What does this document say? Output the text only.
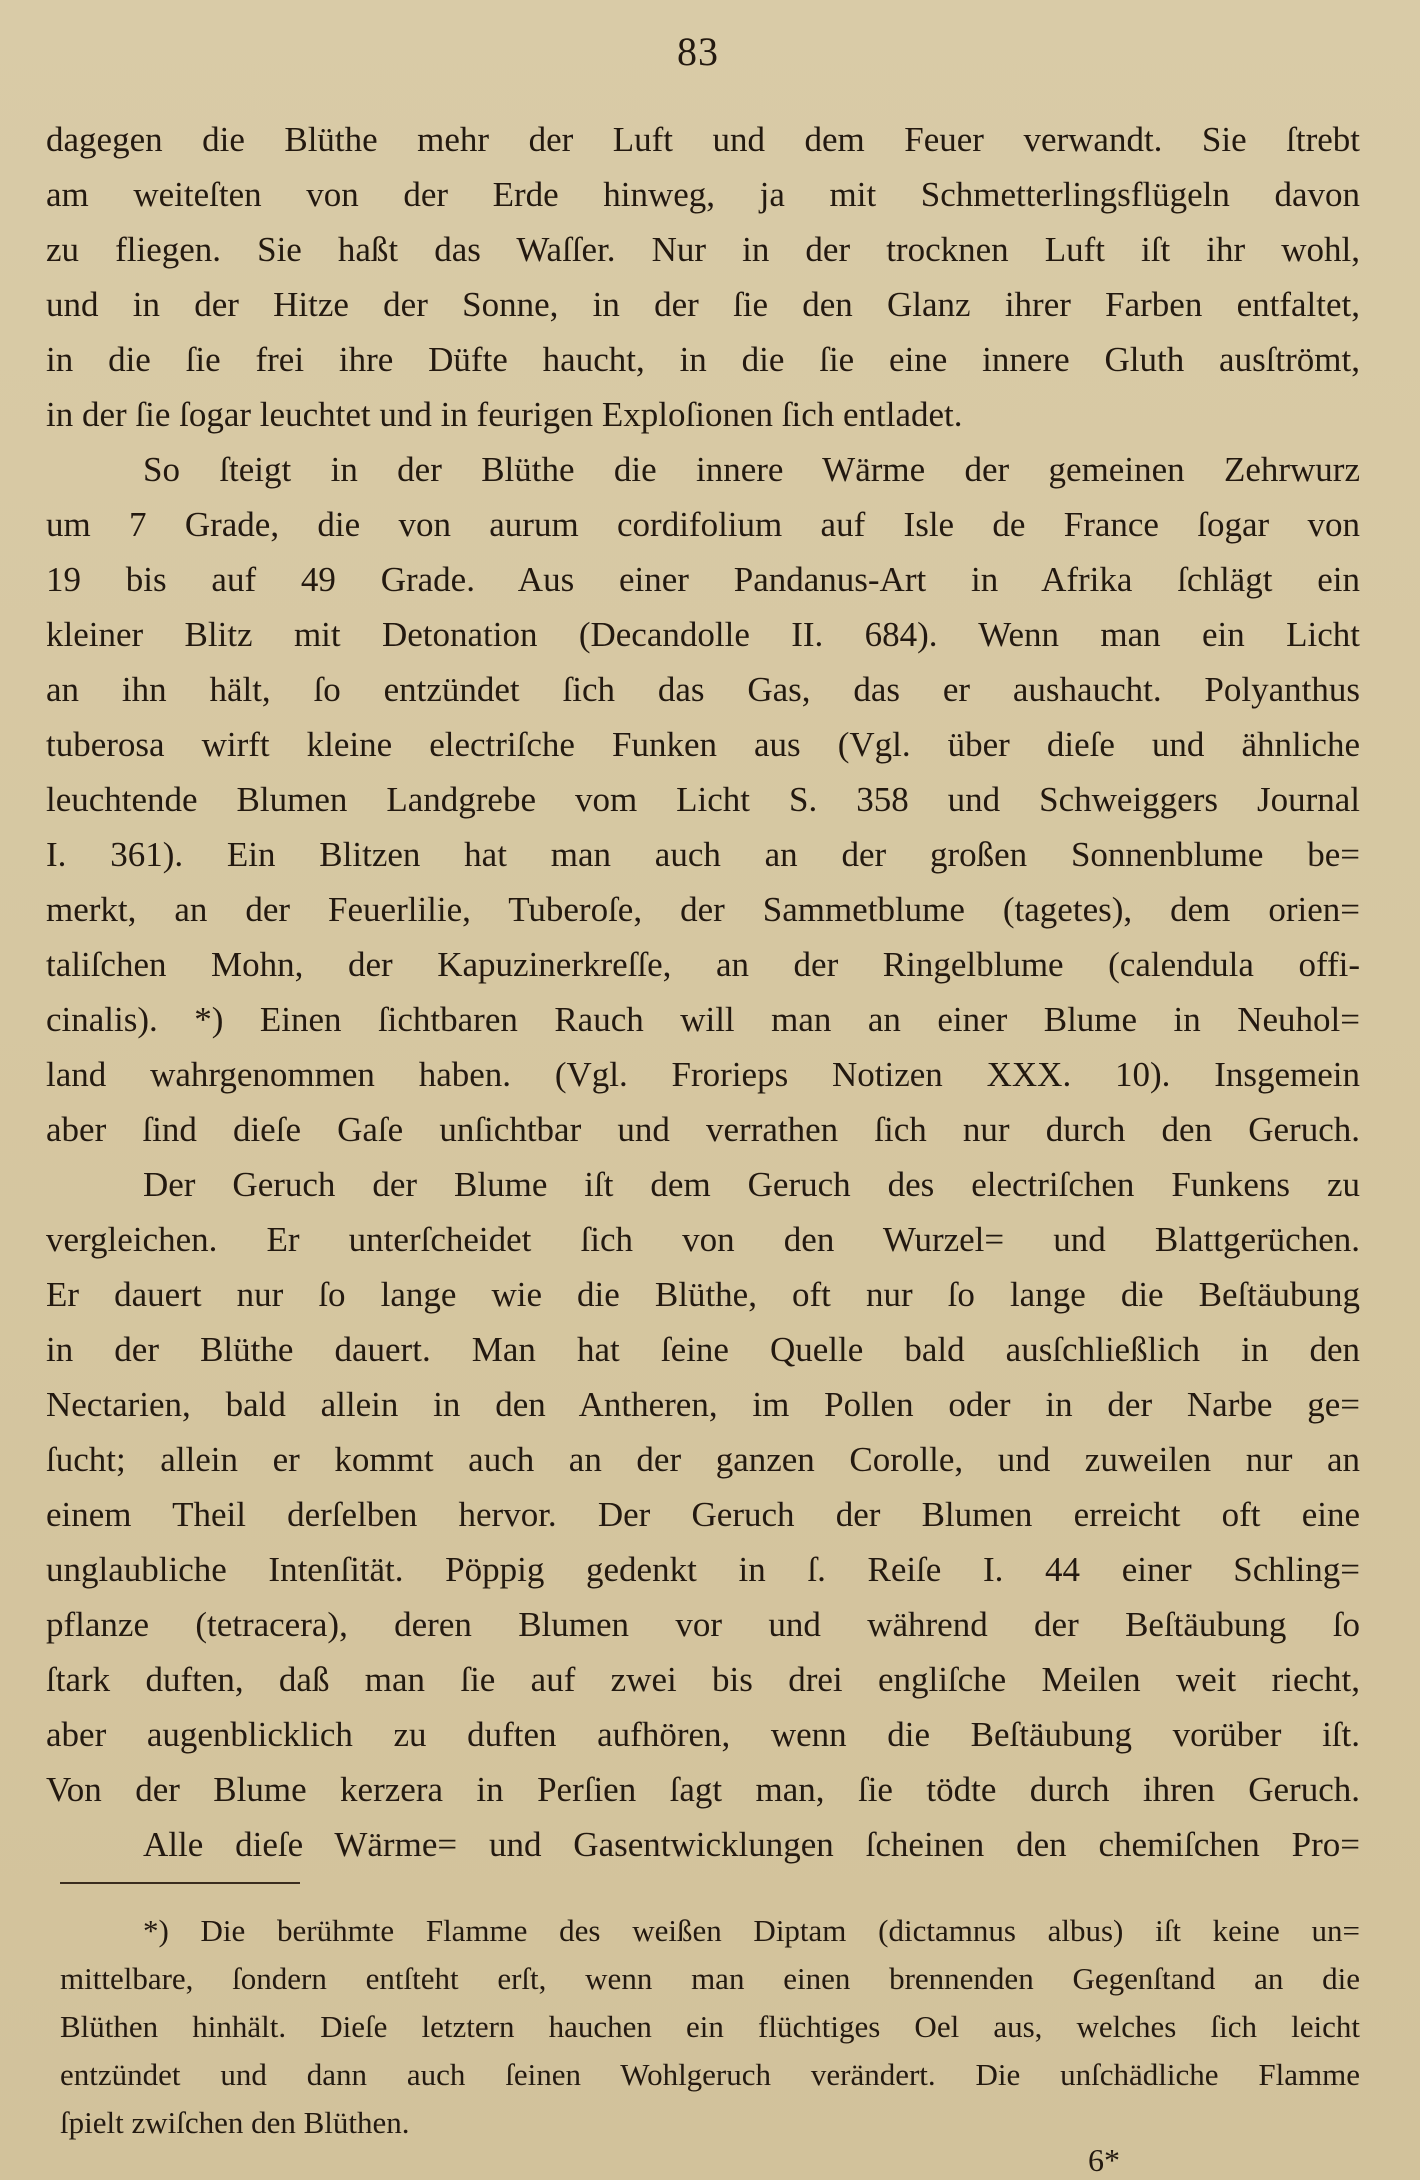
83
dagegen die Blüthe mehr der Luft und dem Feuer verwandt. Sie ſtrebt
am weiteſten von der Erde hinweg, ja mit Schmetterlingsflügeln davon
zu fliegen. Sie haßt das Waſſer. Nur in der trocknen Luft iſt ihr wohl,
und in der Hitze der Sonne, in der ſie den Glanz ihrer Farben entfaltet,
in die ſie frei ihre Düfte haucht, in die ſie eine innere Gluth ausſtrömt,
in der ſie ſogar leuchtet und in feurigen Exploſionen ſich entladet.
So ſteigt in der Blüthe die innere Wärme der gemeinen Zehrwurz
um 7 Grade, die von aurum cordifolium auf Isle de France ſogar von
19 bis auf 49 Grade. Aus einer Pandanus-Art in Afrika ſchlägt ein
kleiner Blitz mit Detonation (Decandolle II. 684). Wenn man ein Licht
an ihn hält, ſo entzündet ſich das Gas, das er aushaucht. Polyanthus
tuberosa wirft kleine electriſche Funken aus (Vgl. über dieſe und ähnliche
leuchtende Blumen Landgrebe vom Licht S. 358 und Schweiggers Journal
I. 361). Ein Blitzen hat man auch an der großen Sonnenblume be=
merkt, an der Feuerlilie, Tuberoſe, der Sammetblume (tagetes), dem orien=
taliſchen Mohn, der Kapuzinerkreſſe, an der Ringelblume (calendula offi-
cinalis). *) Einen ſichtbaren Rauch will man an einer Blume in Neuhol=
land wahrgenommen haben. (Vgl. Frorieps Notizen XXX. 10). Insgemein
aber ſind dieſe Gaſe unſichtbar und verrathen ſich nur durch den Geruch.
Der Geruch der Blume iſt dem Geruch des electriſchen Funkens zu
vergleichen. Er unterſcheidet ſich von den Wurzel= und Blattgerüchen.
Er dauert nur ſo lange wie die Blüthe, oft nur ſo lange die Beſtäubung
in der Blüthe dauert. Man hat ſeine Quelle bald ausſchließlich in den
Nectarien, bald allein in den Antheren, im Pollen oder in der Narbe ge=
ſucht; allein er kommt auch an der ganzen Corolle, und zuweilen nur an
einem Theil derſelben hervor. Der Geruch der Blumen erreicht oft eine
unglaubliche Intenſität. Pöppig gedenkt in ſ. Reiſe I. 44 einer Schling=
pflanze (tetracera), deren Blumen vor und während der Beſtäubung ſo
ſtark duften, daß man ſie auf zwei bis drei engliſche Meilen weit riecht,
aber augenblicklich zu duften aufhören, wenn die Beſtäubung vorüber iſt.
Von der Blume kerzera in Perſien ſagt man, ſie tödte durch ihren Geruch.
Alle dieſe Wärme= und Gasentwicklungen ſcheinen den chemiſchen Pro=
*) Die berühmte Flamme des weißen Diptam (dictamnus albus) iſt keine un=
mittelbare, ſondern entſteht erſt, wenn man einen brennenden Gegenſtand an die
Blüthen hinhält. Dieſe letztern hauchen ein flüchtiges Oel aus, welches ſich leicht
entzündet und dann auch ſeinen Wohlgeruch verändert. Die unſchädliche Flamme
ſpielt zwiſchen den Blüthen.
6*
